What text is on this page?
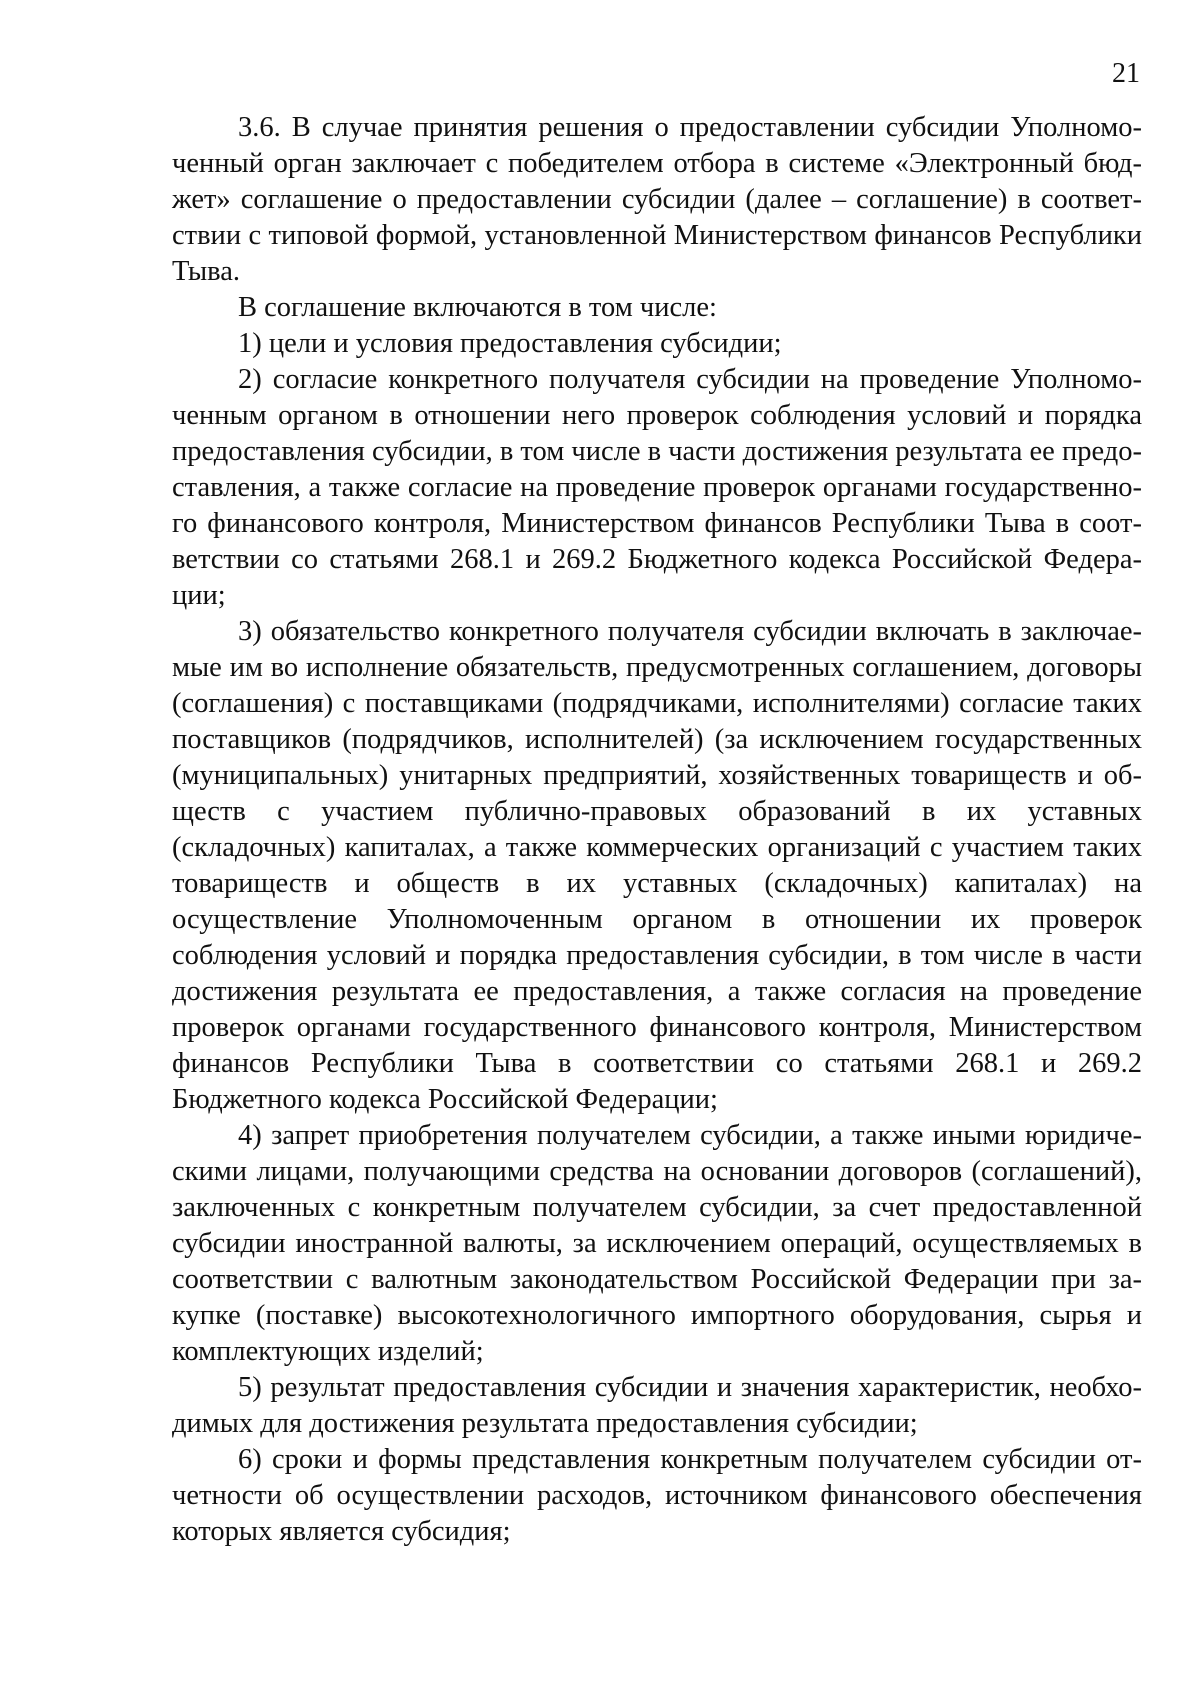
21

3.6. В случае принятия решения о предоставлении субсидии Уполномоченный орган заключает с победителем отбора в системе «Электронный бюджет» соглашение о предоставлении субсидии (далее – соглашение) в соответствии с типовой формой, установленной Министерством финансов Республики Тыва.

В соглашение включаются в том числе:

1) цели и условия предоставления субсидии;

2) согласие конкретного получателя субсидии на проведение Уполномоченным органом в отношении него проверок соблюдения условий и порядка предоставления субсидии, в том числе в части достижения результата ее предоставления, а также согласие на проведение проверок органами государственного финансового контроля, Министерством финансов Республики Тыва в соответствии со статьями 268.1 и 269.2 Бюджетного кодекса Российской Федерации;

3) обязательство конкретного получателя субсидии включать в заключаемые им во исполнение обязательств, предусмотренных соглашением, договоры (соглашения) с поставщиками (подрядчиками, исполнителями) согласие таких поставщиков (подрядчиков, исполнителей) (за исключением государственных (муниципальных) унитарных предприятий, хозяйственных товариществ и обществ с участием публично-правовых образований в их уставных (складочных) капиталах, а также коммерческих организаций с участием таких товариществ и обществ в их уставных (складочных) капиталах) на осуществление Уполномоченным органом в отношении их проверок соблюдения условий и порядка предоставления субсидии, в том числе в части достижения результата ее предоставления, а также согласия на проведение проверок органами государственного финансового контроля, Министерством финансов Республики Тыва в соответствии со статьями 268.1 и 269.2 Бюджетного кодекса Российской Федерации;

4) запрет приобретения получателем субсидии, а также иными юридическими лицами, получающими средства на основании договоров (соглашений), заключенных с конкретным получателем субсидии, за счет предоставленной субсидии иностранной валюты, за исключением операций, осуществляемых в соответствии с валютным законодательством Российской Федерации при закупке (поставке) высокотехнологичного импортного оборудования, сырья и комплектующих изделий;

5) результат предоставления субсидии и значения характеристик, необходимых для достижения результата предоставления субсидии;

6) сроки и формы представления конкретным получателем субсидии отчетности об осуществлении расходов, источником финансового обеспечения которых является субсидия;
